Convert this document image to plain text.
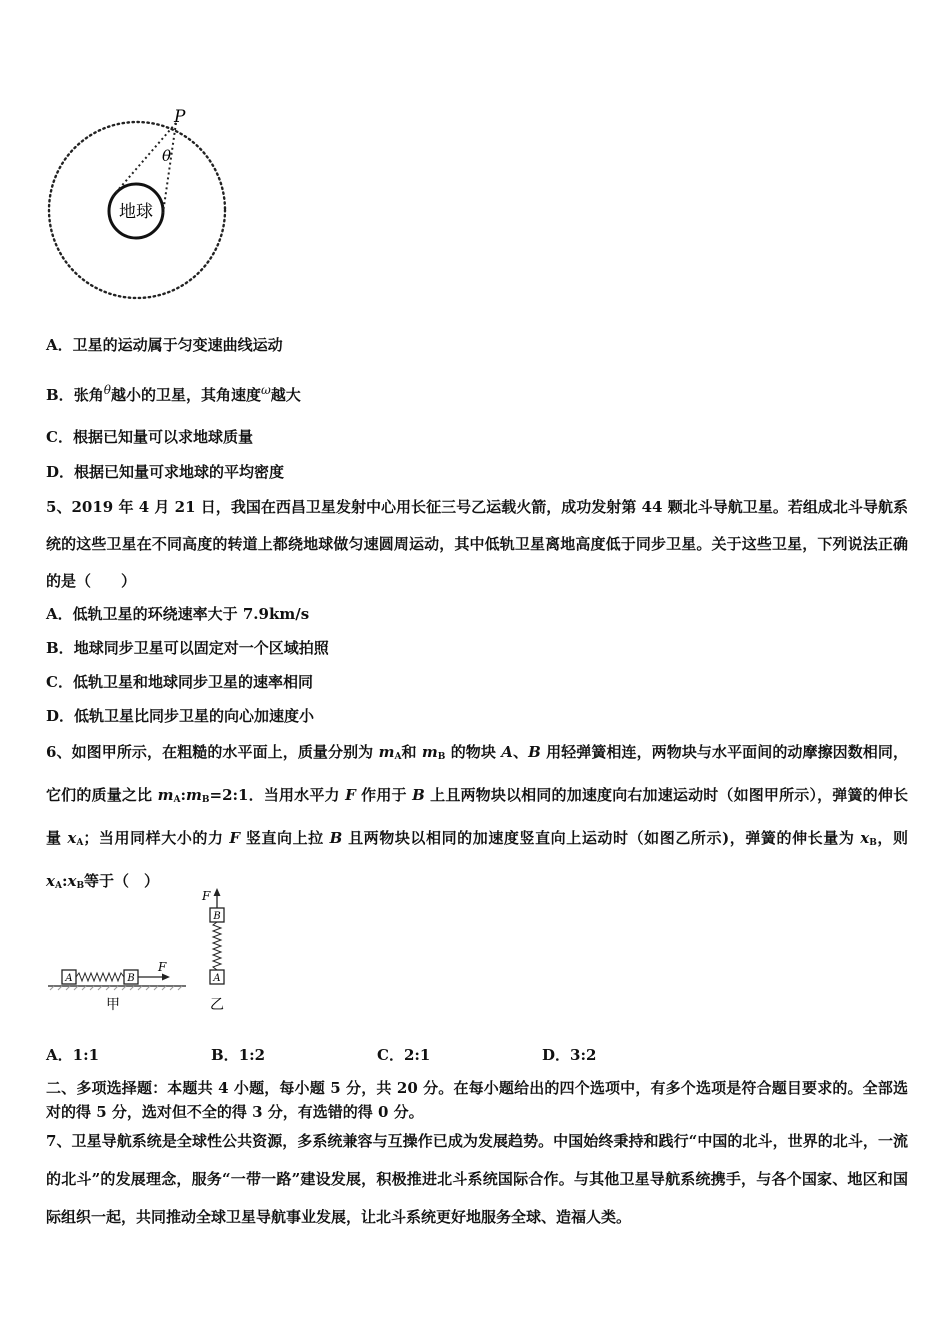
P
θ
地球
A．卫星的运动属于匀变速曲线运动
B．张角$^\theta$越小的卫星，其角速度$^\omega$越大
C．根据已知量可以求地球质量
D．根据已知量可求地球的平均密度
5、2019 年 4 月 21 日，我国在西昌卫星发射中心用长征三号乙运载火箭，成功发射第 44 颗北斗导航卫星。若组成北斗导航系统的这些卫星在不同高度的转道上都绕地球做匀速圆周运动，其中低轨卫星离地高度低于同步卫星。关于这些卫星，下列说法正确的是（　　）
A．低轨卫星的环绕速率大于 7.9km/s
B．地球同步卫星可以固定对一个区域拍照
C．低轨卫星和地球同步卫星的速率相同
D．低轨卫星比同步卫星的向心加速度小
6、如图甲所示，在粗糙的水平面上，质量分别为 $m_A$和 $m_B$ 的物块 A、B 用轻弹簧相连，两物块与水平面间的动摩擦因数相同，它们的质量之比 $m_A:m_B=2:1$．当用水平力 F 作用于 B 上且两物块以相同的加速度向右加速运动时（如图甲所示），弹簧的伸长量 $x_A$；当用同样大小的力 F 竖直向上拉 B 且两物块以相同的加速度竖直向上运动时（如图乙所示)，弹簧的伸长量为 $x_B$，则 $x_A:x_B$等于（　）
A	B
F
甲
A
B
F
乙
A．1:1	B．1:2	C．2:1	D．3:2
二、多项选择题：本题共 4 小题，每小题 5 分，共 20 分。在每小题给出的四个选项中，有多个选项是符合题目要求的。全部选对的得 5 分，选对但不全的得 3 分，有选错的得 0 分。
7、卫星导航系统是全球性公共资源，多系统兼容与互操作已成为发展趋势。中国始终秉持和践行“中国的北斗，世界的北斗，一流的北斗”的发展理念，服务“一带一路”建设发展，积极推进北斗系统国际合作。与其他卫星导航系统携手，与各个国家、地区和国际组织一起，共同推动全球卫星导航事业发展，让北斗系统更好地服务全球、造福人类。
